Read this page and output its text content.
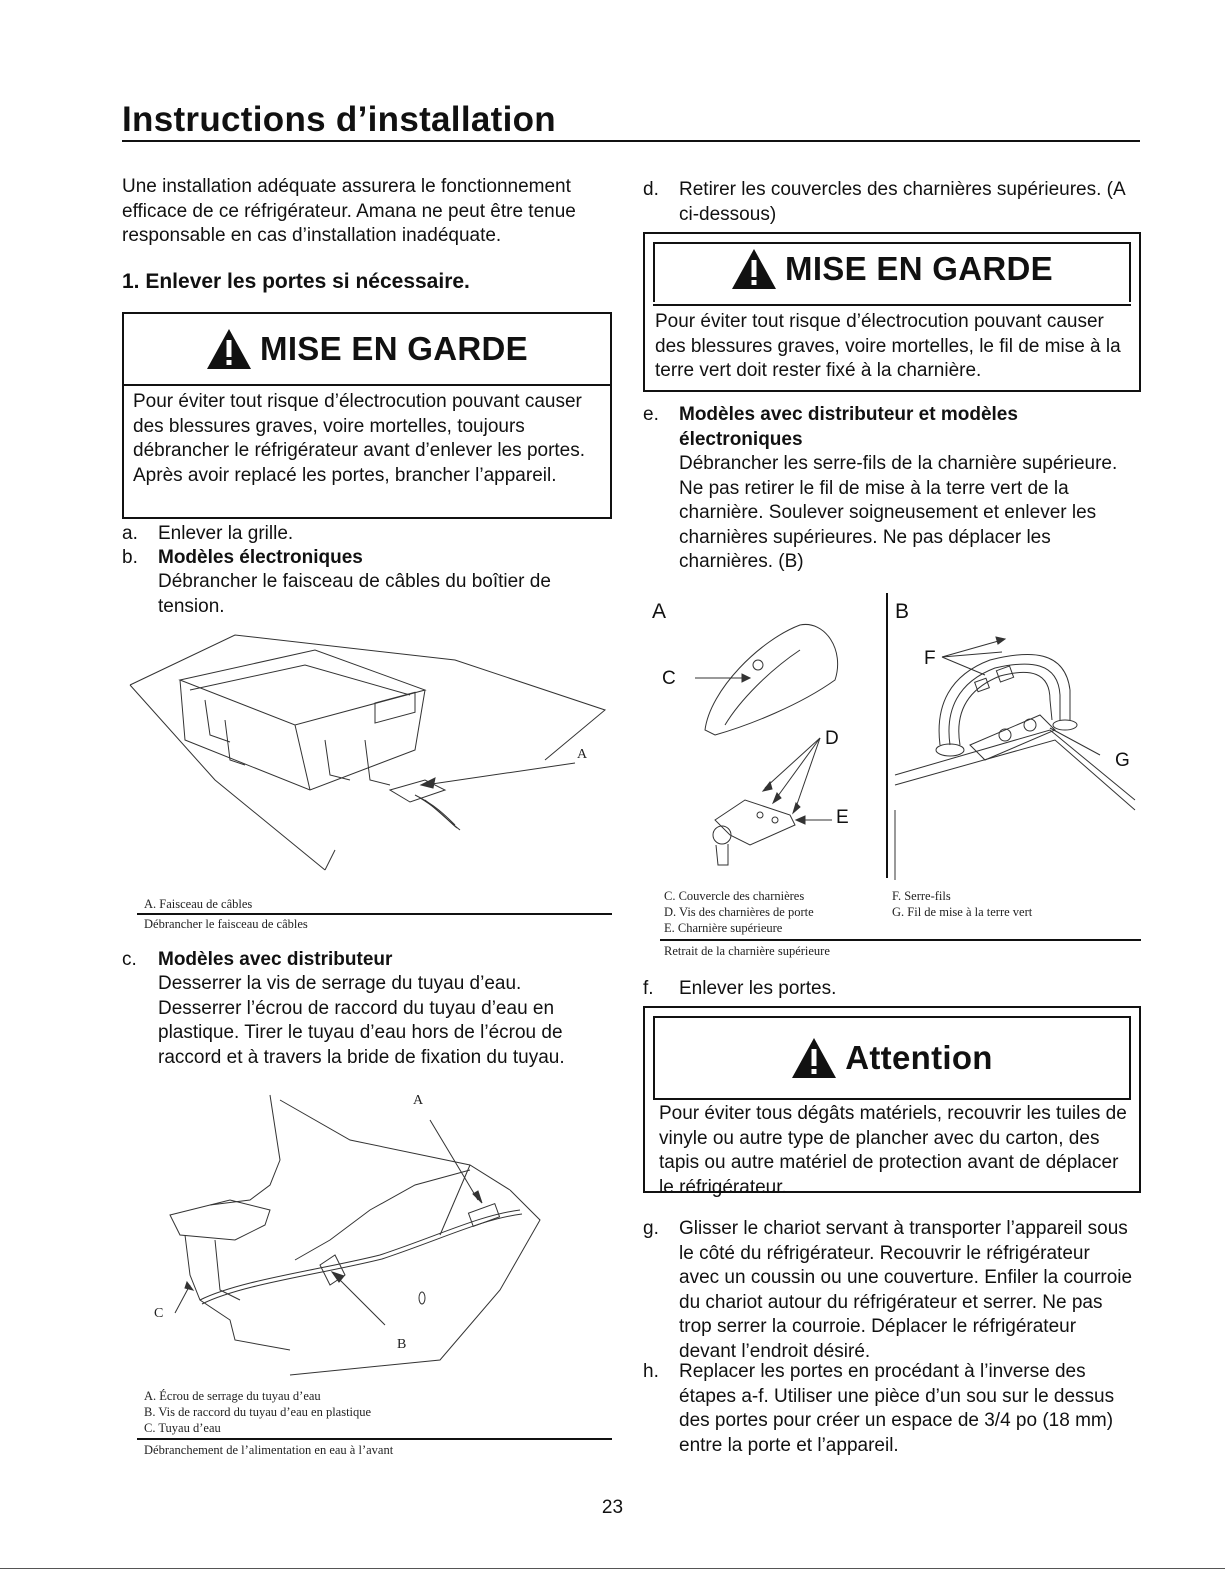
Instructions d’installation
Une installation adéquate assurera le fonctionnement efficace de ce réfrigérateur. Amana ne peut être tenue responsable en cas d’installation inadéquate.
1. Enlever les portes si nécessaire.
MISE EN GARDE
Pour éviter tout risque d’électrocution pouvant causer des blessures graves, voire mortelles, toujours débrancher le réfrigérateur avant d’enlever les portes. Après avoir replacé les portes, brancher l’appareil.
a. Enlever la grille.
b. Modèles électroniques
Débrancher le faisceau de câbles du boîtier de tension.
A
A. Faisceau de câbles
Débrancher le faisceau de câbles
c. Modèles avec distributeur
Desserrer la vis de serrage du tuyau d’eau. Desserrer l’écrou de raccord du tuyau d’eau en plastique. Tirer le tuyau d’eau hors de l’écrou de raccord et à travers la bride de fixation du tuyau.
A
B
C
A. Écrou de serrage du tuyau d’eau
B. Vis de raccord du tuyau d’eau en plastique
C. Tuyau d’eau
Débranchement de l’alimentation en eau à l’avant
d. Retirer les couvercles des charnières supérieures. (A ci-dessous)
MISE EN GARDE
Pour éviter tout risque d’électrocution pouvant causer des blessures graves, voire mortelles, le fil de mise à la terre vert doit rester fixé à la charnière.
e. Modèles avec distributeur et modèles électroniques
Débrancher les serre-fils de la charnière supérieure. Ne pas retirer le fil de mise à la terre vert de la charnière. Soulever soigneusement et enlever les charnières supérieures. Ne pas déplacer les charnières. (B)
A	B
C
D
E
F
G
C. Couvercle des charnières
D. Vis des charnières de porte
E. Charnière supérieure
F. Serre-fils
G. Fil de mise à la terre vert
Retrait de la charnière supérieure
f. Enlever les portes.
Attention
Pour éviter tous dégâts matériels, recouvrir les tuiles de vinyle ou autre type de plancher avec du carton, des tapis ou autre matériel de protection avant de déplacer le réfrigérateur.
g. Glisser le chariot servant à transporter l’appareil sous le côté du réfrigérateur. Recouvrir le réfrigérateur avec un coussin ou une couverture. Enfiler la courroie du chariot autour du réfrigérateur et serrer. Ne pas trop serrer la courroie. Déplacer le réfrigérateur devant l’endroit désiré.
h. Replacer les portes en procédant à l’inverse des étapes a-f. Utiliser une pièce d’un sou sur le dessus des portes pour créer un espace de 3/4 po (18 mm) entre la porte et l’appareil.
23
